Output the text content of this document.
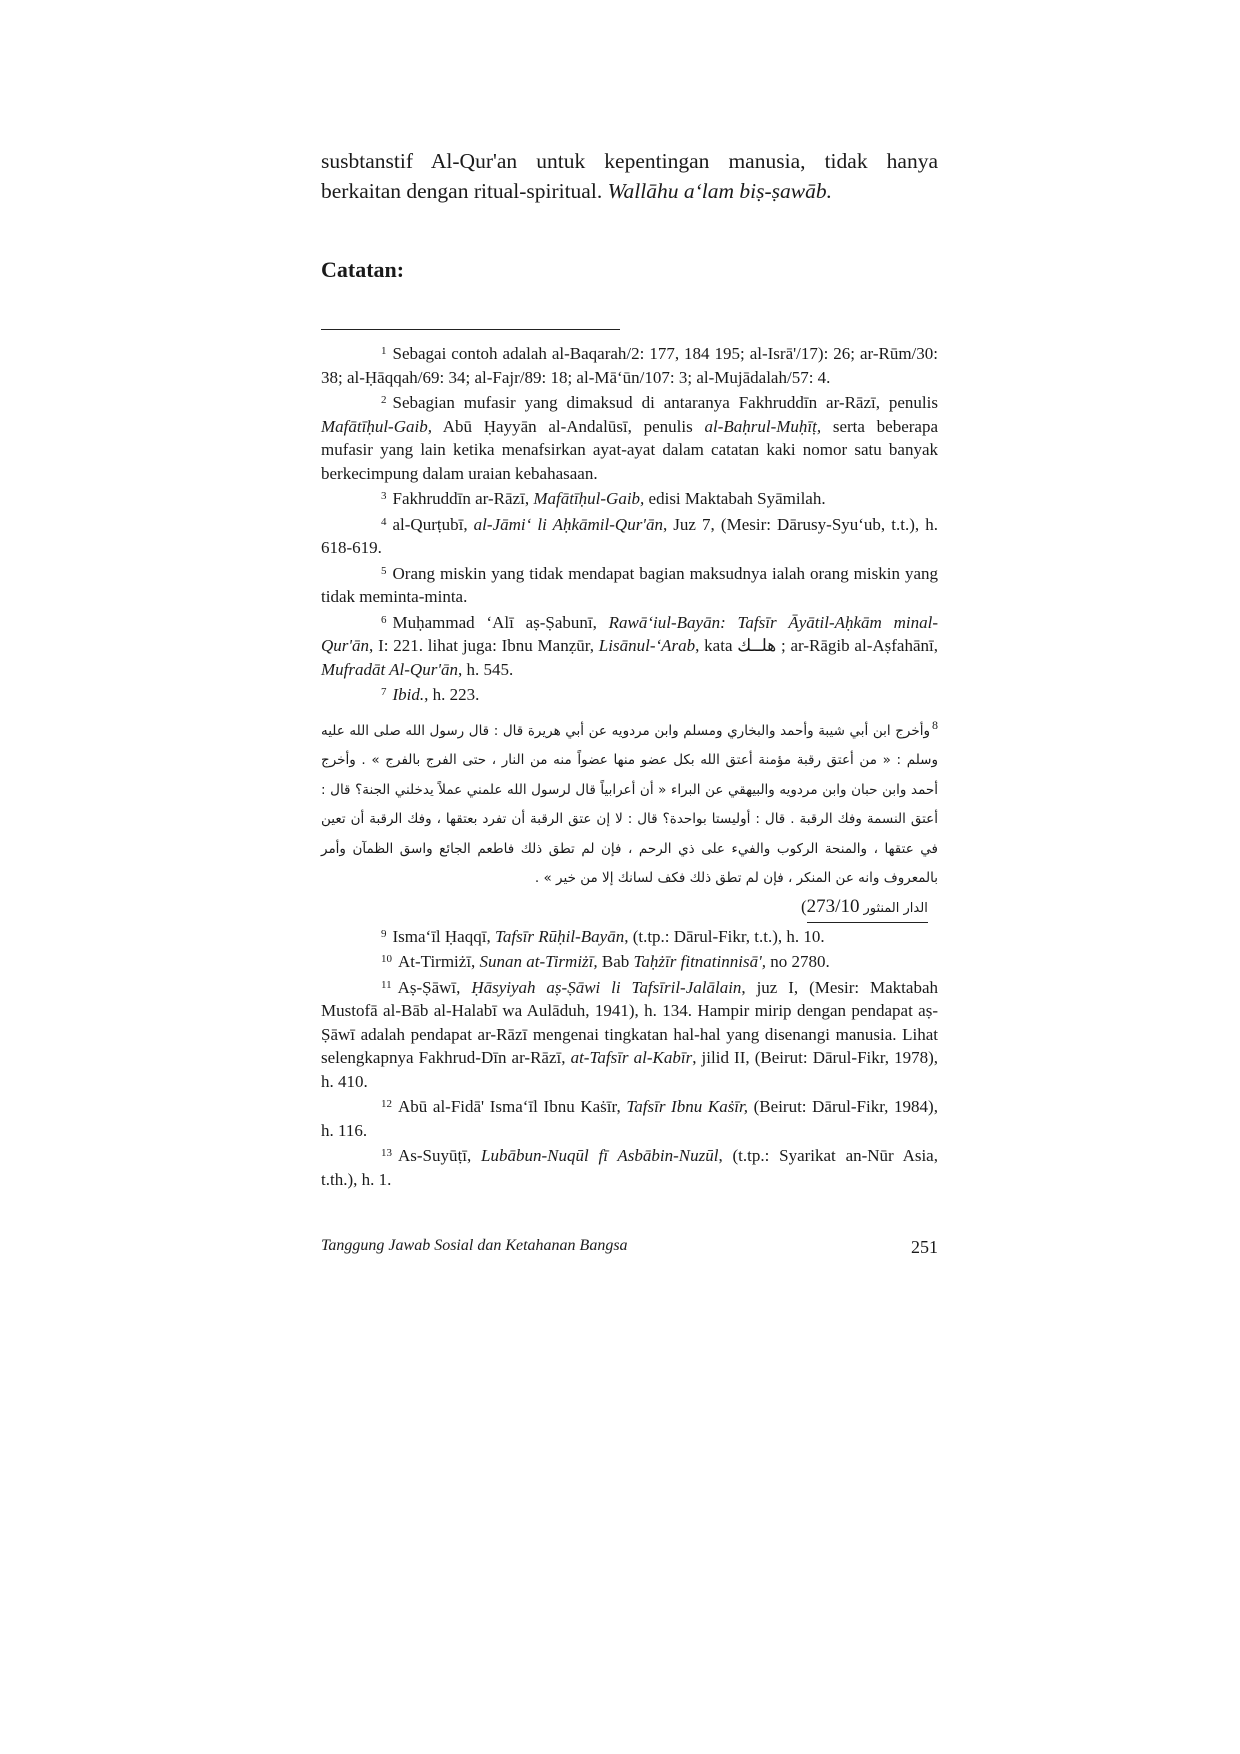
susbtanstif Al-Qur'an untuk kepentingan manusia, tidak hanya berkaitan dengan ritual-spiritual. Wallāhu a‘lam biṣ-ṣawāb.

Catatan:

$^1$ Sebagai contoh adalah al-Baqarah/2: 177, 184 195; al-Isrā'/17): 26; ar-Rūm/30: 38; al-Ḥāqqah/69: 34; al-Fajr/89: 18; al-Mā‘ūn/107: 3; al-Mujādalah/57: 4.

$^2$ Sebagian mufasir yang dimaksud di antaranya Fakhruddīn ar-Rāzī, penulis Mafātīḥul-Gaib, Abū Ḥayyān al-Andalūsī, penulis al-Baḥrul-Muḥīṭ, serta beberapa mufasir yang lain ketika menafsirkan ayat-ayat dalam catatan kaki nomor satu banyak berkecimpung dalam uraian kebahasaan.

$^3$ Fakhruddīn ar-Rāzī, Mafātīḥul-Gaib, edisi Maktabah Syāmilah.

$^4$ al-Qurṭubī, al-Jāmi‘ li Aḥkāmil-Qur'ān, Juz 7, (Mesir: Dārusy-Syu‘ub, t.t.), h. 618-619.

$^5$ Orang miskin yang tidak mendapat bagian maksudnya ialah orang miskin yang tidak meminta-minta.

$^6$ Muḥammad ‘Alī aṣ-Ṣabunī, Rawā‘iul-Bayān: Tafsīr Āyātil-Aḥkām minal-Qur'ān, I: 221. lihat juga: Ibnu Manẓūr, Lisānul-‘Arab, kata هلــك ; ar-Rāgib al-Aṣfahānī, Mufradāt Al-Qur'ān, h. 545.

$^7$ Ibid., h. 223.

$^8$وأخرج ابن أبي شيبة وأحمد والبخاري ومسلم وابن مردويه عن أبي هريرة قال : قال رسول الله صلى الله عليه وسلم : « من أعتق رقبة مؤمنة أعتق الله بكل عضو منها عضواً منه من النار ، حتى الفرج بالفرج » . وأخرج أحمد وابن حبان وابن مردويه والبيهقي عن البراء « أن أعرابياً قال لرسول الله علمني عملاً يدخلني الجنة؟ قال : أعتق النسمة وفك الرقبة . قال : أوليستا بواحدة؟ قال : لا إن عتق الرقبة أن تفرد بعتقها ، وفك الرقبة أن تعين في عتقها ، والمنحة الركوب والفيء على ذي الرحم ، فإن لم تطق ذلك فاطعم الجائع واسق الظمآن وأمر بالمعروف وانه عن المنكر ، فإن لم تطق ذلك فكف لسانك إلا من خير » .

(	الدار المنثور273/10

$^9$ Isma‘īl Ḥaqqī, Tafsīr Rūḥil-Bayān, (t.tp.: Dārul-Fikr, t.t.), h. 10.

$^{10}$ At-Tirmiżī, Sunan at-Tirmiżī, Bab Taḥżīr fitnatinnisā', no 2780.

$^{11}$ Aṣ-Ṣāwī, Ḥāsyiyah aṣ-Ṣāwi li Tafsīril-Jalālain, juz I, (Mesir: Maktabah Mustofā al-Bāb al-Halabī wa Aulāduh, 1941), h. 134. Hampir mirip dengan pendapat aṣ-Ṣāwī adalah pendapat ar-Rāzī mengenai tingkatan hal-hal yang disenangi manusia. Lihat selengkapnya Fakhrud-Dīn ar-Rāzī, at-Tafsīr al-Kabīr, jilid II, (Beirut: Dārul-Fikr, 1978), h. 410.

$^{12}$ Abū al-Fidā' Isma‘īl Ibnu Kaṡīr, Tafsīr Ibnu Kaṡīr, (Beirut: Dārul-Fikr, 1984), h. 116.

$^{13}$ As-Suyūṭī, Lubābun-Nuqūl fī Asbābin-Nuzūl, (t.tp.: Syarikat an-Nūr Asia, t.th.), h. 1.

Tanggung Jawab Sosial dan Ketahanan Bangsa	251
